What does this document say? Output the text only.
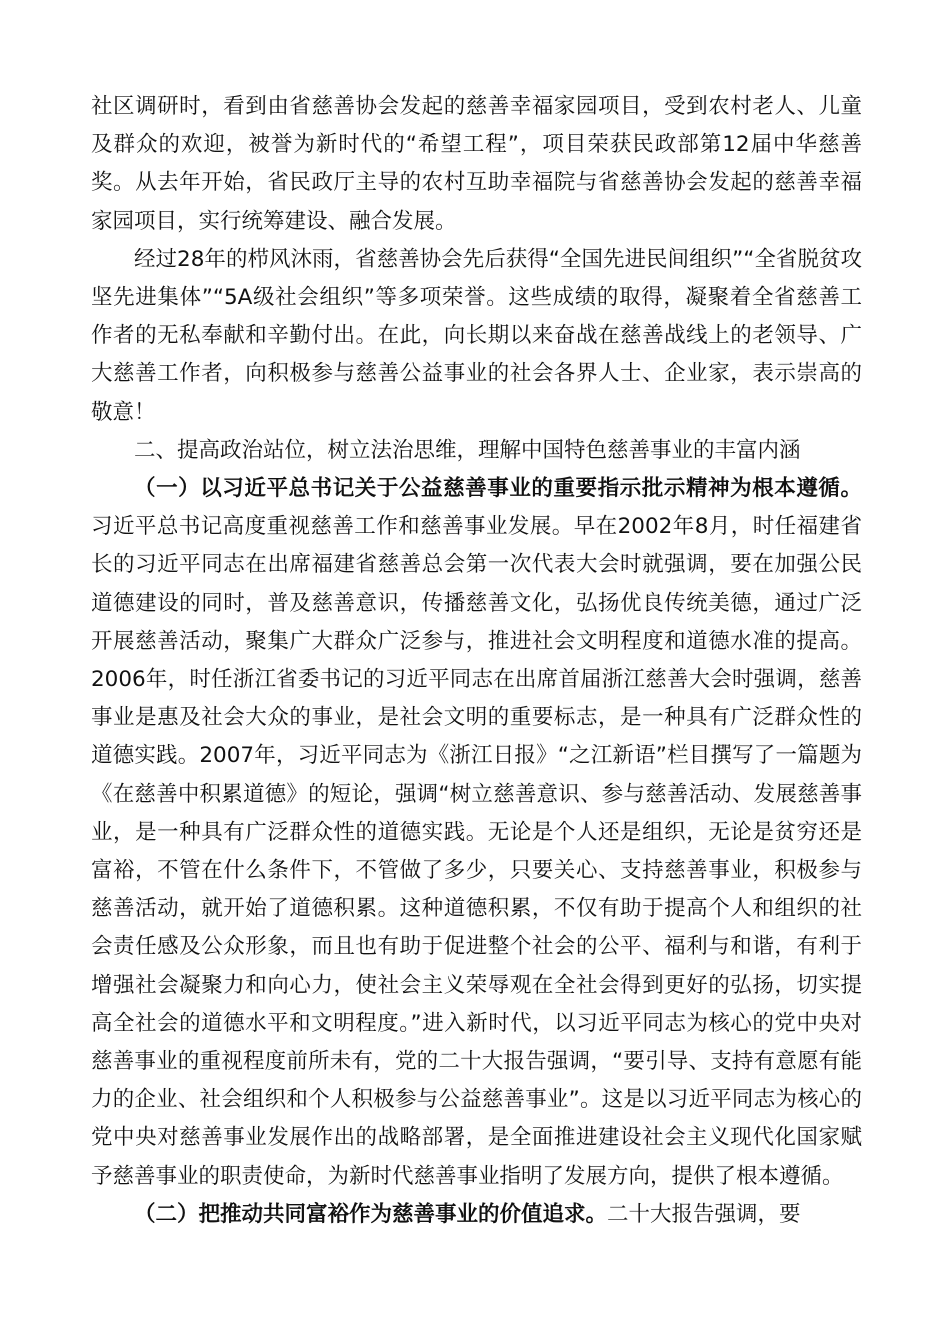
社区调研时，看到由省慈善协会发起的慈善幸福家园项目，受到农村老人、儿童及群众的欢迎，被誉为新时代的“希望工程”，项目荣获民政部第12届中华慈善奖。从去年开始，省民政厅主导的农村互助幸福院与省慈善协会发起的慈善幸福家园项目，实行统筹建设、融合发展。

经过28年的栉风沐雨，省慈善协会先后获得“全国先进民间组织”“全省脱贫攻坚先进集体”“5A级社会组织”等多项荣誉。这些成绩的取得，凝聚着全省慈善工作者的无私奉献和辛勤付出。在此，向长期以来奋战在慈善战线上的老领导、广大慈善工作者，向积极参与慈善公益事业的社会各界人士、企业家，表示崇高的敬意！

二、提高政治站位，树立法治思维，理解中国特色慈善事业的丰富内涵

（一）以习近平总书记关于公益慈善事业的重要指示批示精神为根本遵循。习近平总书记高度重视慈善工作和慈善事业发展。早在2002年8月，时任福建省长的习近平同志在出席福建省慈善总会第一次代表大会时就强调，要在加强公民道德建设的同时，普及慈善意识，传播慈善文化，弘扬优良传统美德，通过广泛开展慈善活动，聚集广大群众广泛参与，推进社会文明程度和道德水准的提高。2006年，时任浙江省委书记的习近平同志在出席首届浙江慈善大会时强调，慈善事业是惠及社会大众的事业，是社会文明的重要标志，是一种具有广泛群众性的道德实践。2007年，习近平同志为《浙江日报》“之江新语”栏目撰写了一篇题为《在慈善中积累道德》的短论，强调“树立慈善意识、参与慈善活动、发展慈善事业，是一种具有广泛群众性的道德实践。无论是个人还是组织，无论是贫穷还是富裕，不管在什么条件下，不管做了多少，只要关心、支持慈善事业，积极参与慈善活动，就开始了道德积累。这种道德积累，不仅有助于提高个人和组织的社会责任感及公众形象，而且也有助于促进整个社会的公平、福利与和谐，有利于增强社会凝聚力和向心力，使社会主义荣辱观在全社会得到更好的弘扬，切实提高全社会的道德水平和文明程度。”进入新时代，以习近平同志为核心的党中央对慈善事业的重视程度前所未有，党的二十大报告强调，“要引导、支持有意愿有能力的企业、社会组织和个人积极参与公益慈善事业”。这是以习近平同志为核心的党中央对慈善事业发展作出的战略部署，是全面推进建设社会主义现代化国家赋予慈善事业的职责使命，为新时代慈善事业指明了发展方向，提供了根本遵循。

（二）把推动共同富裕作为慈善事业的价值追求。二十大报告强调，要
